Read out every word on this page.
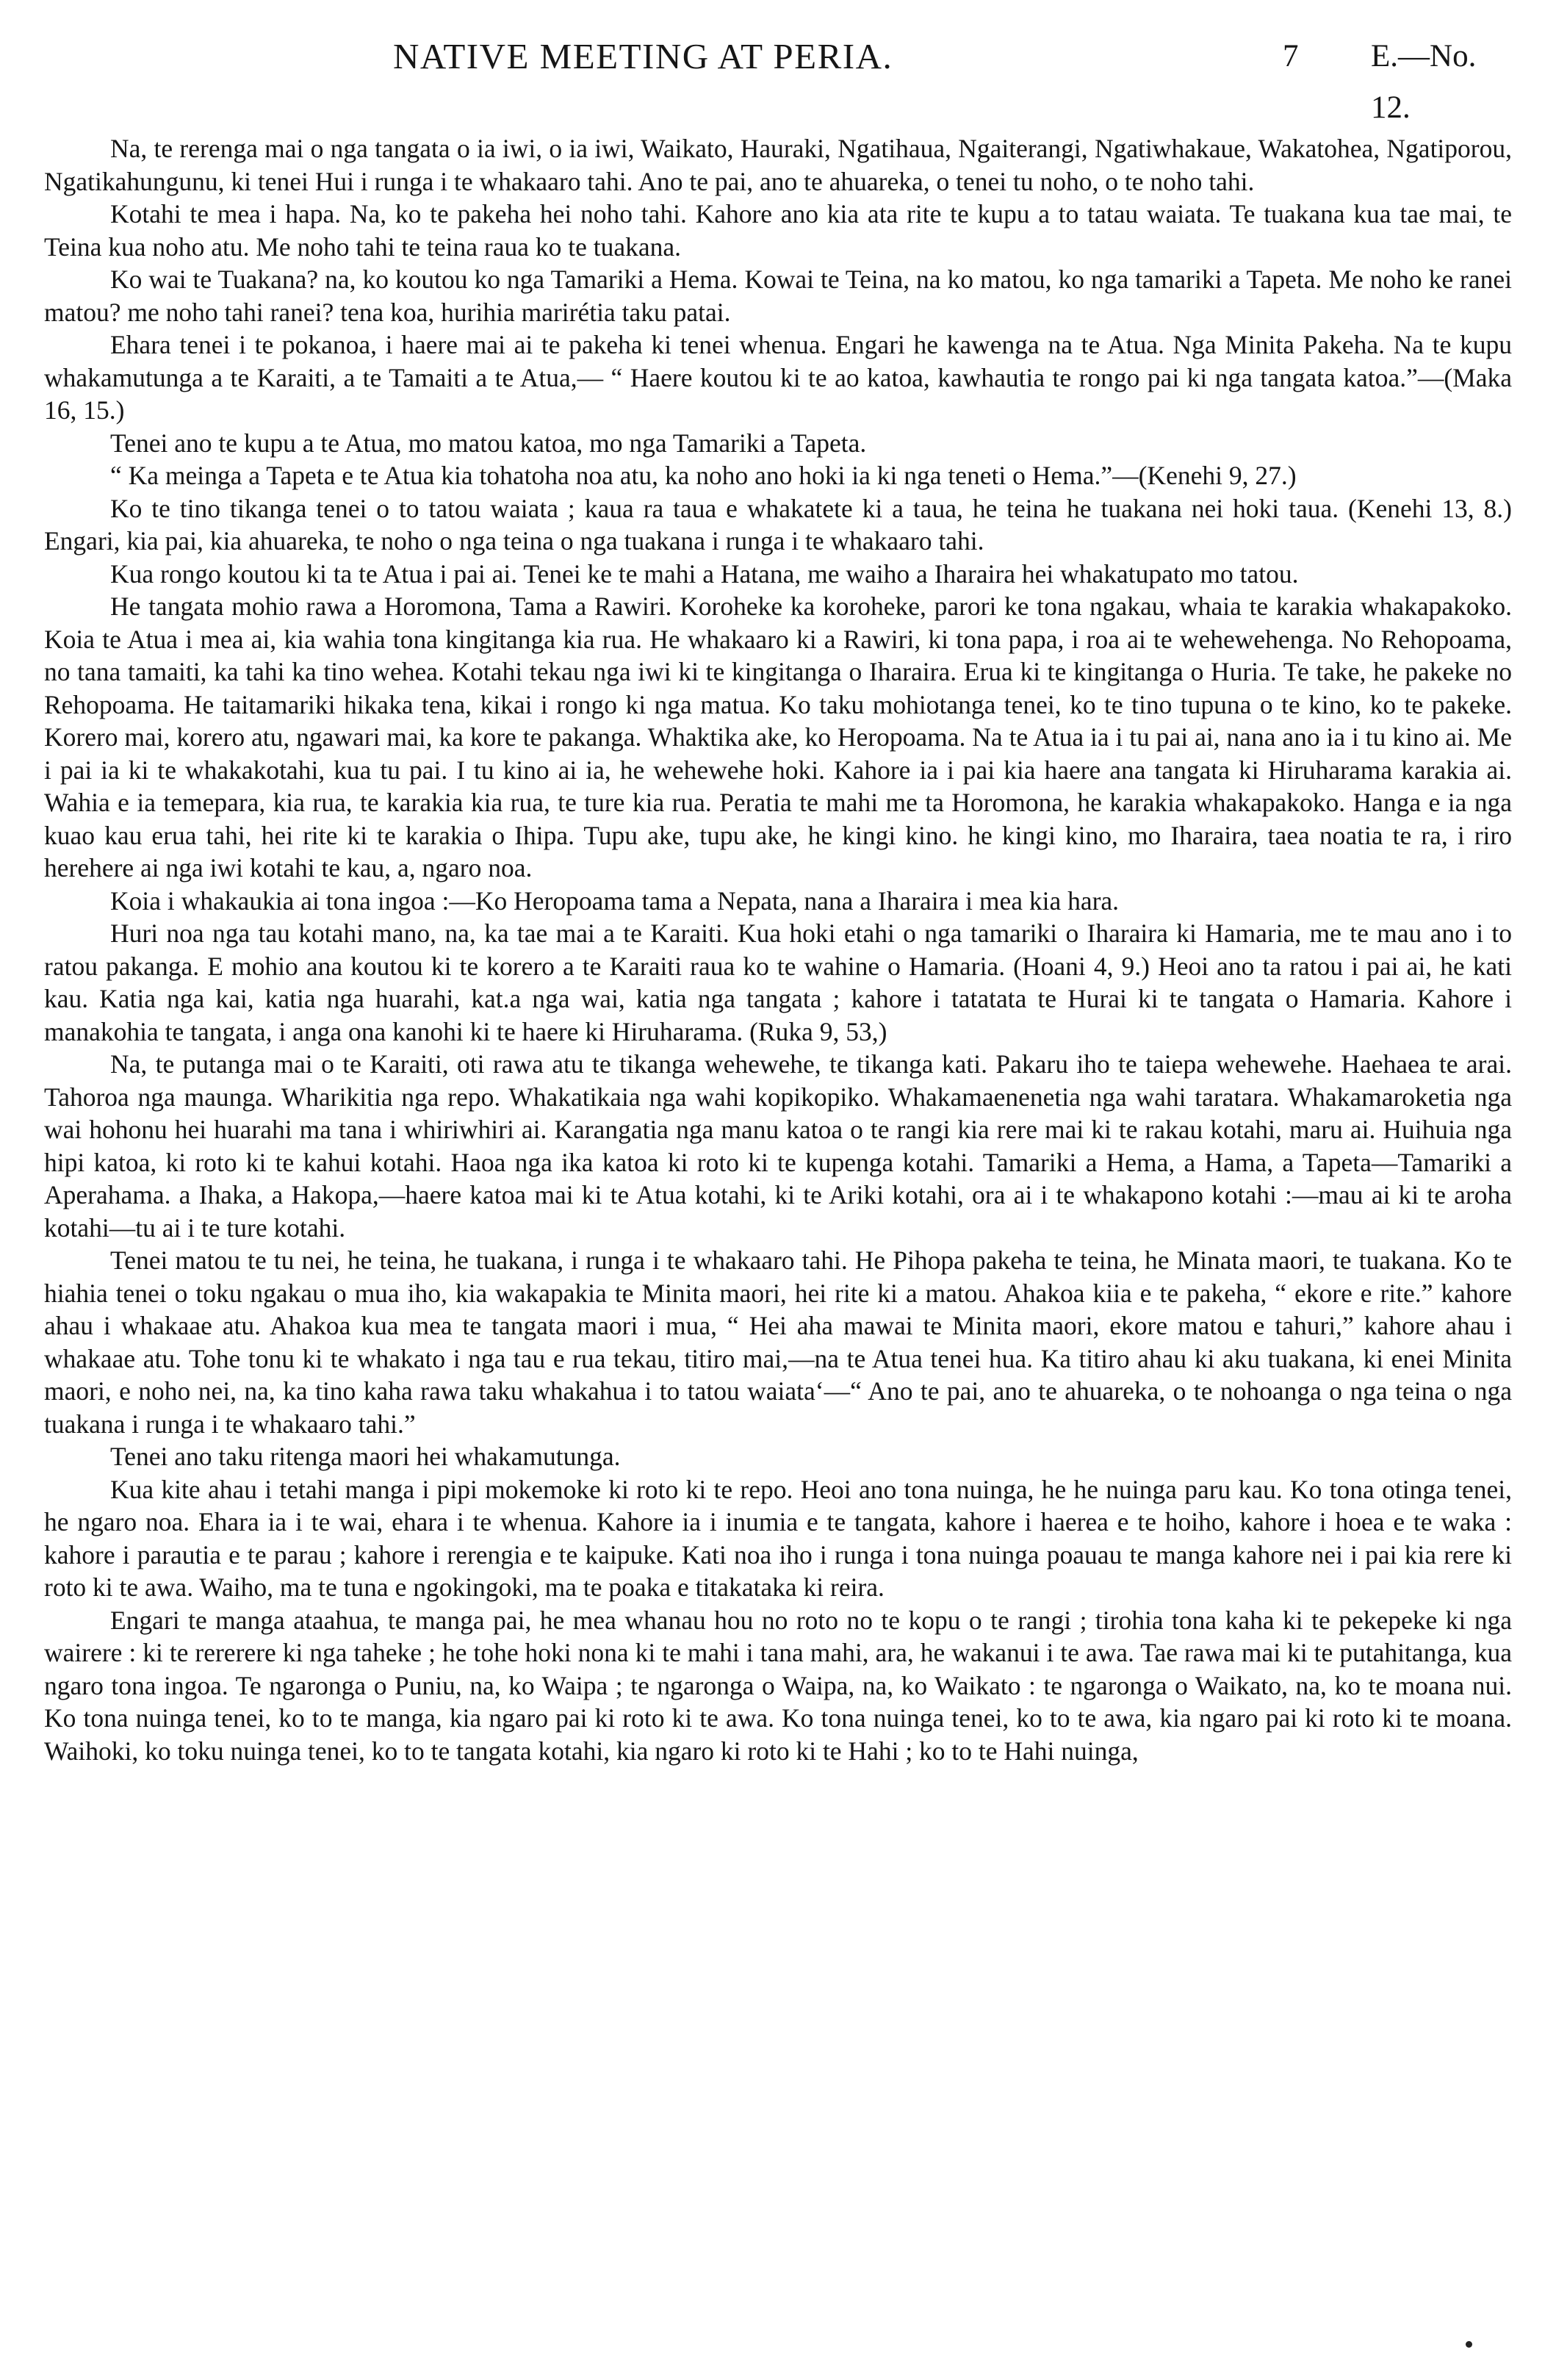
NATIVE MEETING AT PERIA.	7 E.—No. 12.

Na, te rerenga mai o nga tangata o ia iwi, o ia iwi, Waikato, Hauraki, Ngatihaua, Ngaiterangi, Ngatiwhakaue, Wakatohea, Ngatiporou, Ngatikahungunu, ki tenei Hui i runga i te whakaaro tahi. Ano te pai, ano te ahuareka, o tenei tu noho, o te noho tahi.

Kotahi te mea i hapa. Na, ko te pakeha hei noho tahi. Kahore ano kia ata rite te kupu a to tatau waiata. Te tuakana kua tae mai, te Teina kua noho atu. Me noho tahi te teina raua ko te tuakana.

Ko wai te Tuakana? na, ko koutou ko nga Tamariki a Hema. Kowai te Teina, na ko matou, ko nga tamariki a Tapeta. Me noho ke ranei matou? me noho tahi ranei? tena koa, hurihia marirétia taku patai.

Ehara tenei i te pokanoa, i haere mai ai te pakeha ki tenei whenua. Engari he kawenga na te Atua. Nga Minita Pakeha. Na te kupu whakamutunga a te Karaiti, a te Tamaiti a te Atua,— “ Haere koutou ki te ao katoa, kawhautia te rongo pai ki nga tangata katoa.”—(Maka 16, 15.)

Tenei ano te kupu a te Atua, mo matou katoa, mo nga Tamariki a Tapeta.

“ Ka meinga a Tapeta e te Atua kia tohatoha noa atu, ka noho ano hoki ia ki nga teneti o Hema.”—(Kenehi 9, 27.)

Ko te tino tikanga tenei o to tatou waiata ; kaua ra taua e whakatete ki a taua, he teina he tuakana nei hoki taua. (Kenehi 13, 8.) Engari, kia pai, kia ahuareka, te noho o nga teina o nga tuakana i runga i te whakaaro tahi.

Kua rongo koutou ki ta te Atua i pai ai. Tenei ke te mahi a Hatana, me waiho a Iharaira hei whakatupato mo tatou.

He tangata mohio rawa a Horomona, Tama a Rawiri. Koroheke ka koroheke, parori ke tona ngakau, whaia te karakia whakapakoko. Koia te Atua i mea ai, kia wahia tona kingitanga kia rua. He whakaaro ki a Rawiri, ki tona papa, i roa ai te wehewehenga. No Rehopoama, no tana tamaiti, ka tahi ka tino wehea. Kotahi tekau nga iwi ki te kingitanga o Iharaira. Erua ki te kingitanga o Huria. Te take, he pakeke no Rehopoama. He taitamariki hikaka tena, kikai i rongo ki nga matua. Ko taku mohiotanga tenei, ko te tino tupuna o te kino, ko te pakeke. Korero mai, korero atu, ngawari mai, ka kore te pakanga. Whaktika ake, ko Heropoama. Na te Atua ia i tu pai ai, nana ano ia i tu kino ai. Me i pai ia ki te whakakotahi, kua tu pai. I tu kino ai ia, he wehewehe hoki. Kahore ia i pai kia haere ana tangata ki Hiruharama karakia ai. Wahia e ia temepara, kia rua, te karakia kia rua, te ture kia rua. Peratia te mahi me ta Horomona, he karakia whakapakoko. Hanga e ia nga kuao kau erua tahi, hei rite ki te karakia o Ihipa. Tupu ake, tupu ake, he kingi kino. he kingi kino, mo Iharaira, taea noatia te ra, i riro herehere ai nga iwi kotahi te kau, a, ngaro noa.

Koia i whakaukia ai tona ingoa :—Ko Heropoama tama a Nepata, nana a Iharaira i mea kia hara.

Huri noa nga tau kotahi mano, na, ka tae mai a te Karaiti. Kua hoki etahi o nga tamariki o Iharaira ki Hamaria, me te mau ano i to ratou pakanga. E mohio ana koutou ki te korero a te Karaiti raua ko te wahine o Hamaria. (Hoani 4, 9.) Heoi ano ta ratou i pai ai, he kati kau. Katia nga kai, katia nga huarahi, kat.a nga wai, katia nga tangata ; kahore i tatatata te Hurai ki te tangata o Hamaria. Kahore i manakohia te tangata, i anga ona kanohi ki te haere ki Hiruharama. (Ruka 9, 53,)

Na, te putanga mai o te Karaiti, oti rawa atu te tikanga wehewehe, te tikanga kati. Pakaru iho te taiepa wehewehe. Haehaea te arai. Tahoroa nga maunga. Wharikitia nga repo. Whakatikaia nga wahi kopikopiko. Whakamaenenetia nga wahi taratara. Whakamaroketia nga wai hohonu hei huarahi ma tana i whiriwhiri ai. Karangatia nga manu katoa o te rangi kia rere mai ki te rakau kotahi, maru ai. Huihuia nga hipi katoa, ki roto ki te kahui kotahi. Haoa nga ika katoa ki roto ki te kupenga kotahi. Tamariki a Hema, a Hama, a Tapeta—Tamariki a Aperahama. a Ihaka, a Hakopa,—haere katoa mai ki te Atua kotahi, ki te Ariki kotahi, ora ai i te whakapono kotahi :—mau ai ki te aroha kotahi—tu ai i te ture kotahi.

Tenei matou te tu nei, he teina, he tuakana, i runga i te whakaaro tahi. He Pihopa pakeha te teina, he Minata maori, te tuakana. Ko te hiahia tenei o toku ngakau o mua iho, kia wakapakia te Minita maori, hei rite ki a matou. Ahakoa kiia e te pakeha, “ ekore e rite.” kahore ahau i whakaae atu. Ahakoa kua mea te tangata maori i mua, “ Hei aha mawai te Minita maori, ekore matou e tahuri,” kahore ahau i whakaae atu. Tohe tonu ki te whakato i nga tau e rua tekau, titiro mai,—na te Atua tenei hua. Ka titiro ahau ki aku tuakana, ki enei Minita maori, e noho nei, na, ka tino kaha rawa taku whakahua i to tatou waiata‘—“ Ano te pai, ano te ahuareka, o te nohoanga o nga teina o nga tuakana i runga i te whakaaro tahi.”

Tenei ano taku ritenga maori hei whakamutunga.

Kua kite ahau i tetahi manga i pipi mokemoke ki roto ki te repo. Heoi ano tona nuinga, he he nuinga paru kau. Ko tona otinga tenei, he ngaro noa. Ehara ia i te wai, ehara i te whenua. Kahore ia i inumia e te tangata, kahore i haerea e te hoiho, kahore i hoea e te waka : kahore i parautia e te parau ; kahore i rerengia e te kaipuke. Kati noa iho i runga i tona nuinga poauau te manga kahore nei i pai kia rere ki roto ki te awa. Waiho, ma te tuna e ngokingoki, ma te poaka e titakataka ki reira.

Engari te manga ataahua, te manga pai, he mea whanau hou no roto no te kopu o te rangi ; tirohia tona kaha ki te pekepeke ki nga wairere : ki te rererere ki nga taheke ; he tohe hoki nona ki te mahi i tana mahi, ara, he wakanui i te awa. Tae rawa mai ki te putahitanga, kua ngaro tona ingoa. Te ngaronga o Puniu, na, ko Waipa ; te ngaronga o Waipa, na, ko Waikato : te ngaronga o Waikato, na, ko te moana nui. Ko tona nuinga tenei, ko to te manga, kia ngaro pai ki roto ki te awa. Ko tona nuinga tenei, ko to te awa, kia ngaro pai ki roto ki te moana. Waihoki, ko toku nuinga tenei, ko to te tangata kotahi, kia ngaro ki roto ki te Hahi ; ko to te Hahi nuinga,
